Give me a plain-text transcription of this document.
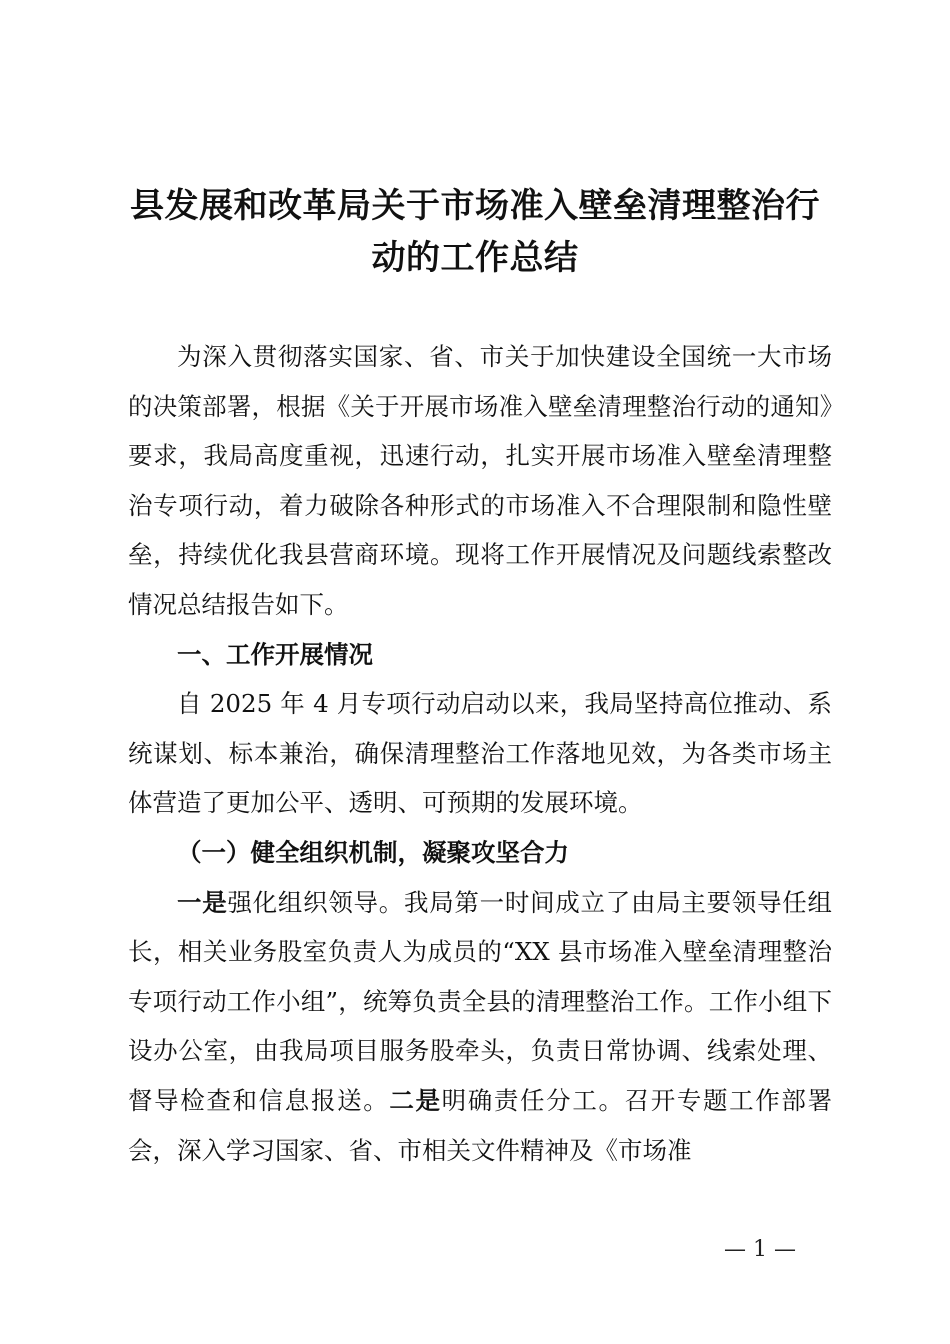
县发展和改革局关于市场准入壁垒清理整治行动的工作总结

为深入贯彻落实国家、省、市关于加快建设全国统一大市场的决策部署，根据《关于开展市场准入壁垒清理整治行动的通知》要求，我局高度重视，迅速行动，扎实开展市场准入壁垒清理整治专项行动，着力破除各种形式的市场准入不合理限制和隐性壁垒，持续优化我县营商环境。现将工作开展情况及问题线索整改情况总结报告如下。

一、工作开展情况

自 2025 年 4 月专项行动启动以来，我局坚持高位推动、系统谋划、标本兼治，确保清理整治工作落地见效，为各类市场主体营造了更加公平、透明、可预期的发展环境。

（一）健全组织机制，凝聚攻坚合力

一是强化组织领导。我局第一时间成立了由局主要领导任组长，相关业务股室负责人为成员的“XX 县市场准入壁垒清理整治专项行动工作小组”，统筹负责全县的清理整治工作。工作小组下设办公室，由我局项目服务股牵头，负责日常协调、线索处理、督导检查和信息报送。二是明确责任分工。召开专题工作部署会，深入学习国家、省、市相关文件精神及《市场准

— 1 —
